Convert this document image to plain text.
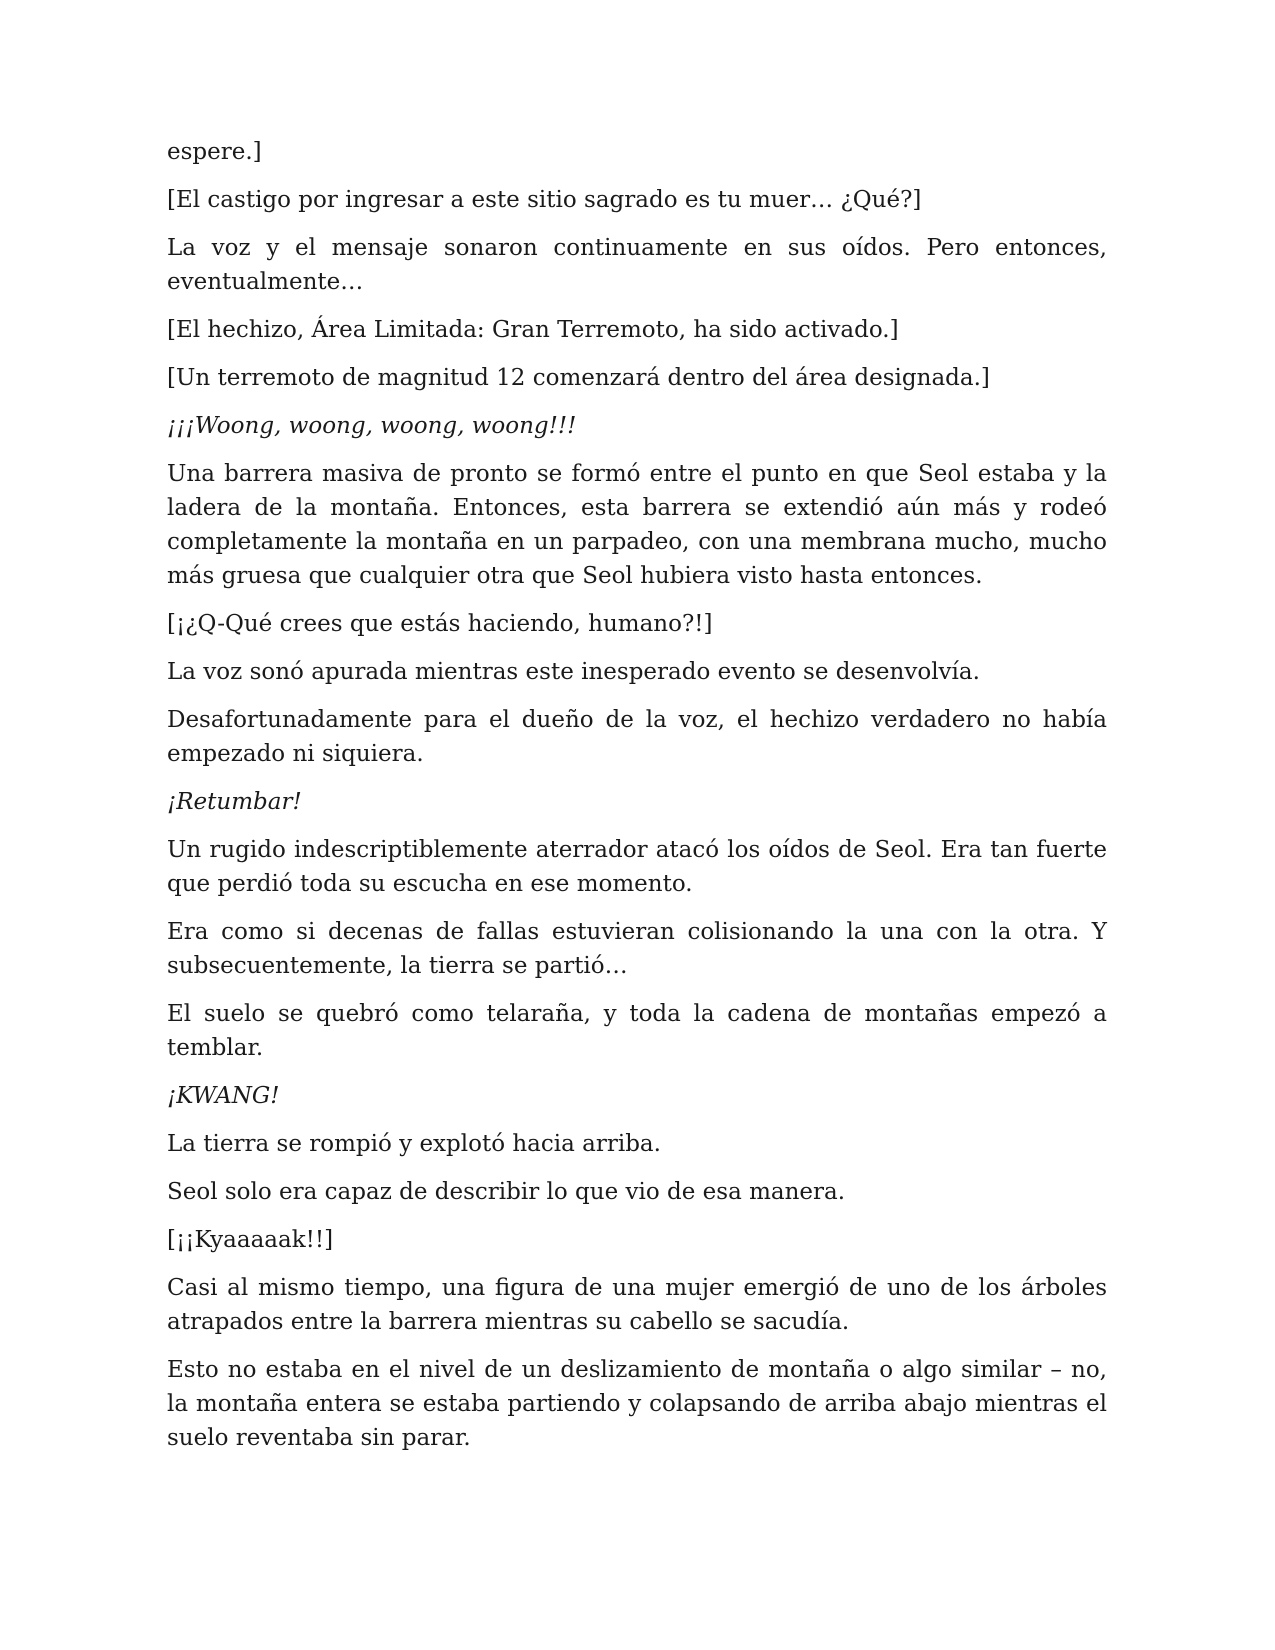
espere.]

[El castigo por ingresar a este sitio sagrado es tu muer… ¿Qué?]

La voz y el mensaje sonaron continuamente en sus oídos. Pero entonces, eventualmente…

[El hechizo, Área Limitada: Gran Terremoto, ha sido activado.]

[Un terremoto de magnitud 12 comenzará dentro del área designada.]

¡¡¡Woong, woong, woong, woong!!!

Una barrera masiva de pronto se formó entre el punto en que Seol estaba y la ladera de la montaña. Entonces, esta barrera se extendió aún más y rodeó completamente la montaña en un parpadeo, con una membrana mucho, mucho más gruesa que cualquier otra que Seol hubiera visto hasta entonces.

[¡¿Q-Qué crees que estás haciendo, humano?!]

La voz sonó apurada mientras este inesperado evento se desenvolvía.

Desafortunadamente para el dueño de la voz, el hechizo verdadero no había empezado ni siquiera.

¡Retumbar!

Un rugido indescriptiblemente aterrador atacó los oídos de Seol. Era tan fuerte que perdió toda su escucha en ese momento.

Era como si decenas de fallas estuvieran colisionando la una con la otra. Y subsecuentemente, la tierra se partió…

El suelo se quebró como telaraña, y toda la cadena de montañas empezó a temblar.

¡KWANG!

La tierra se rompió y explotó hacia arriba.

Seol solo era capaz de describir lo que vio de esa manera.

[¡¡Kyaaaaak!!]

Casi al mismo tiempo, una figura de una mujer emergió de uno de los árboles atrapados entre la barrera mientras su cabello se sacudía.

Esto no estaba en el nivel de un deslizamiento de montaña o algo similar – no, la montaña entera se estaba partiendo y colapsando de arriba abajo mientras el suelo reventaba sin parar.
